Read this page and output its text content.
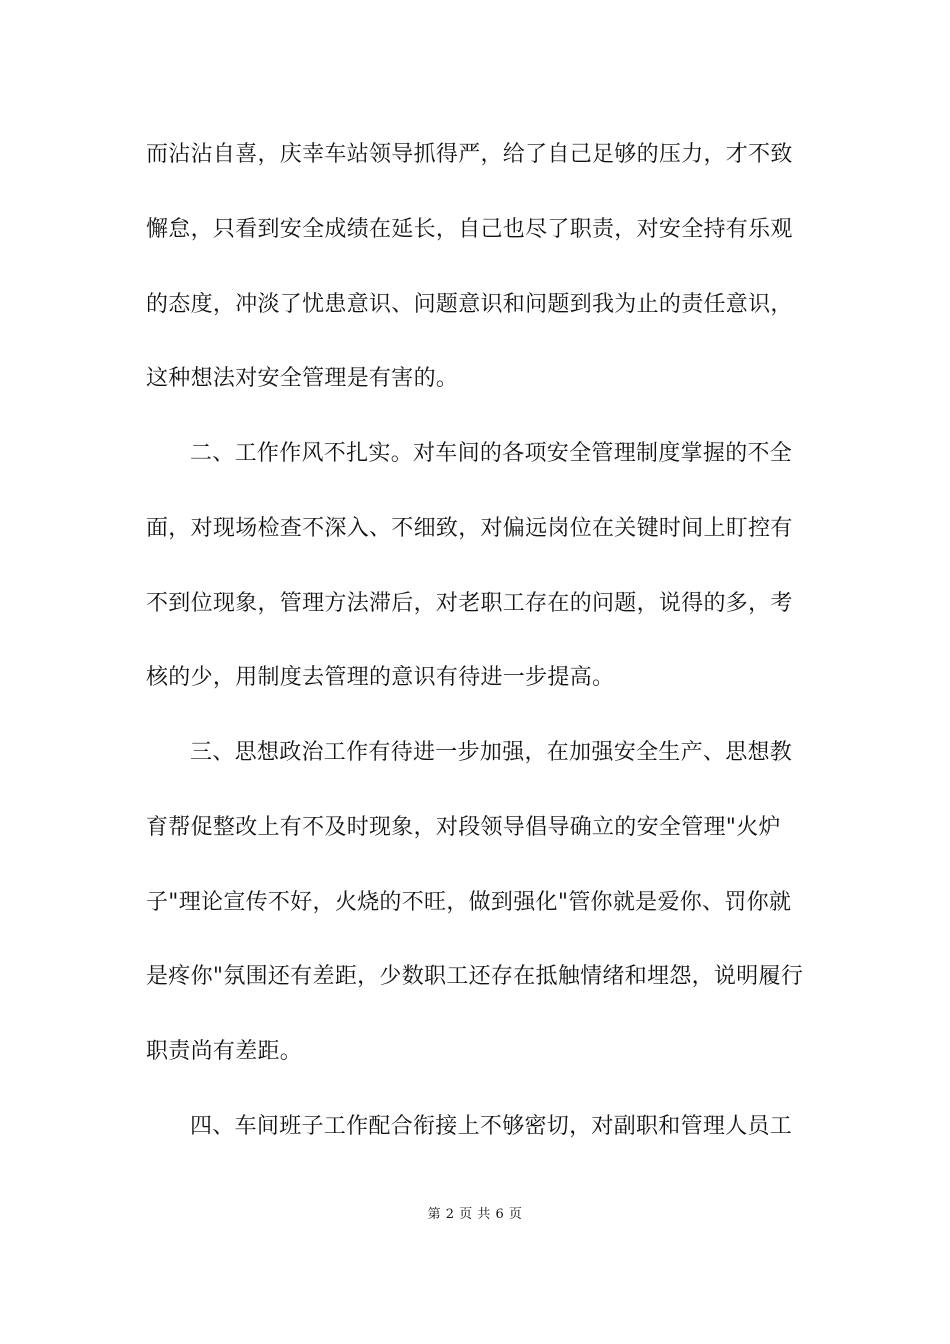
而沾沾自喜，庆幸车站领导抓得严，给了自己足够的压力，才不致
懈怠，只看到安全成绩在延长，自己也尽了职责，对安全持有乐观
的态度，冲淡了忧患意识、问题意识和问题到我为止的责任意识，
这种想法对安全管理是有害的。
二、工作作风不扎实。对车间的各项安全管理制度掌握的不全
面，对现场检查不深入、不细致，对偏远岗位在关键时间上盯控有
不到位现象，管理方法滞后，对老职工存在的问题，说得的多，考
核的少，用制度去管理的意识有待进一步提高。
三、思想政治工作有待进一步加强，在加强安全生产、思想教
育帮促整改上有不及时现象，对段领导倡导确立的安全管理"火炉
子"理论宣传不好，火烧的不旺，做到强化"管你就是爱你、罚你就
是疼你"氛围还有差距，少数职工还存在抵触情绪和埋怨，说明履行
职责尚有差距。
四、车间班子工作配合衔接上不够密切，对副职和管理人员工
第 2 页 共 6 页
